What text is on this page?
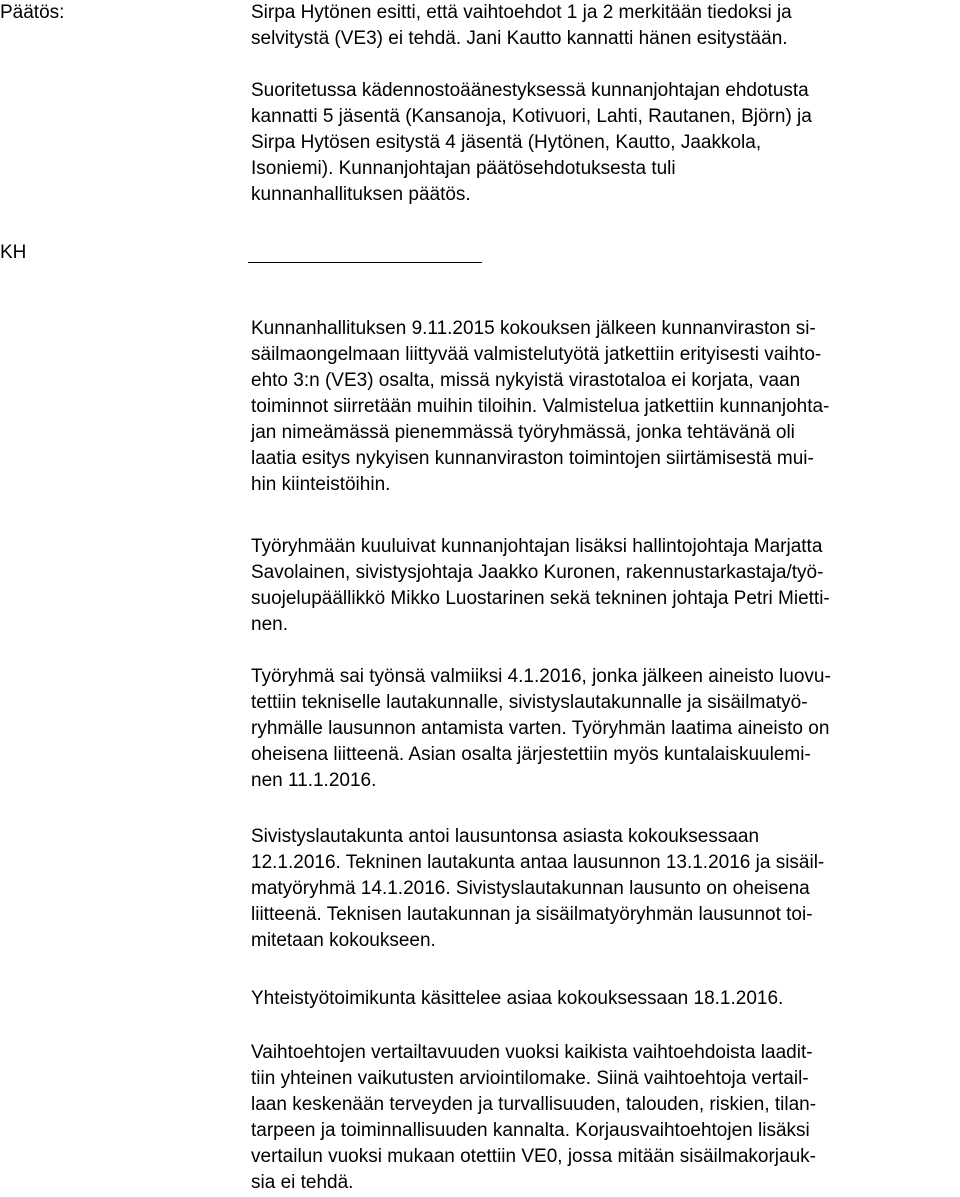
Päätös:

KH

Sirpa Hytönen esitti, että vaihtoehdot 1 ja 2 merkitään tiedoksi ja
selvitystä (VE3) ei tehdä. Jani Kautto kannatti hänen esitystään.

Suoritetussa kädennostoäänestyksessä kunnanjohtajan ehdotusta
kannatti 5 jäsentä (Kansanoja, Kotivuori, Lahti, Rautanen, Björn) ja
Sirpa Hytösen esitystä 4 jäsentä (Hytönen, Kautto, Jaakkola,
Isoniemi). Kunnanjohtajan päätösehdotuksesta tuli
kunnanhallituksen päätös.

Kunnanhallituksen 9.11.2015 kokouksen jälkeen kunnanviraston si-
säilmaongelmaan liittyvää valmistelutyötä jatkettiin erityisesti vaihto-
ehto 3:n (VE3) osalta, missä nykyistä virastotaloa ei korjata, vaan
toiminnot siirretään muihin tiloihin. Valmistelua jatkettiin kunnanjohta-
jan nimeämässä pienemmässä työryhmässä, jonka tehtävänä oli
laatia esitys nykyisen kunnanviraston toimintojen siirtämisestä mui-
hin kiinteistöihin.

Työryhmään kuuluivat kunnanjohtajan lisäksi hallintojohtaja Marjatta
Savolainen, sivistysjohtaja Jaakko Kuronen, rakennustarkastaja/työ-
suojelupäällikkö Mikko Luostarinen sekä tekninen johtaja Petri Mietti-
nen.

Työryhmä sai työnsä valmiiksi 4.1.2016, jonka jälkeen aineisto luovu-
tettiin tekniselle lautakunnalle, sivistyslautakunnalle ja sisäilmatyö-
ryhmälle lausunnon antamista varten. Työryhmän laatima aineisto on
oheisena liitteenä. Asian osalta järjestettiin myös kuntalaiskuulemi-
nen 11.1.2016.

Sivistyslautakunta antoi lausuntonsa asiasta kokouksessaan
12.1.2016. Tekninen lautakunta antaa lausunnon 13.1.2016 ja sisäil-
matyöryhmä 14.1.2016. Sivistyslautakunnan lausunto on oheisena
liitteenä. Teknisen lautakunnan ja sisäilmatyöryhmän lausunnot toi-
mitetaan kokoukseen.

Yhteistyötoimikunta käsittelee asiaa kokouksessaan 18.1.2016.

Vaihtoehtojen vertailtavuuden vuoksi kaikista vaihtoehdoista laadit-
tiin yhteinen vaikutusten arviointilomake. Siinä vaihtoehtoja vertail-
laan keskenään terveyden ja turvallisuuden, talouden, riskien, tilan-
tarpeen ja toiminnallisuuden kannalta. Korjausvaihtoehtojen lisäksi
vertailun vuoksi mukaan otettiin VE0, jossa mitään sisäilmakorjauk-
sia ei tehdä.
